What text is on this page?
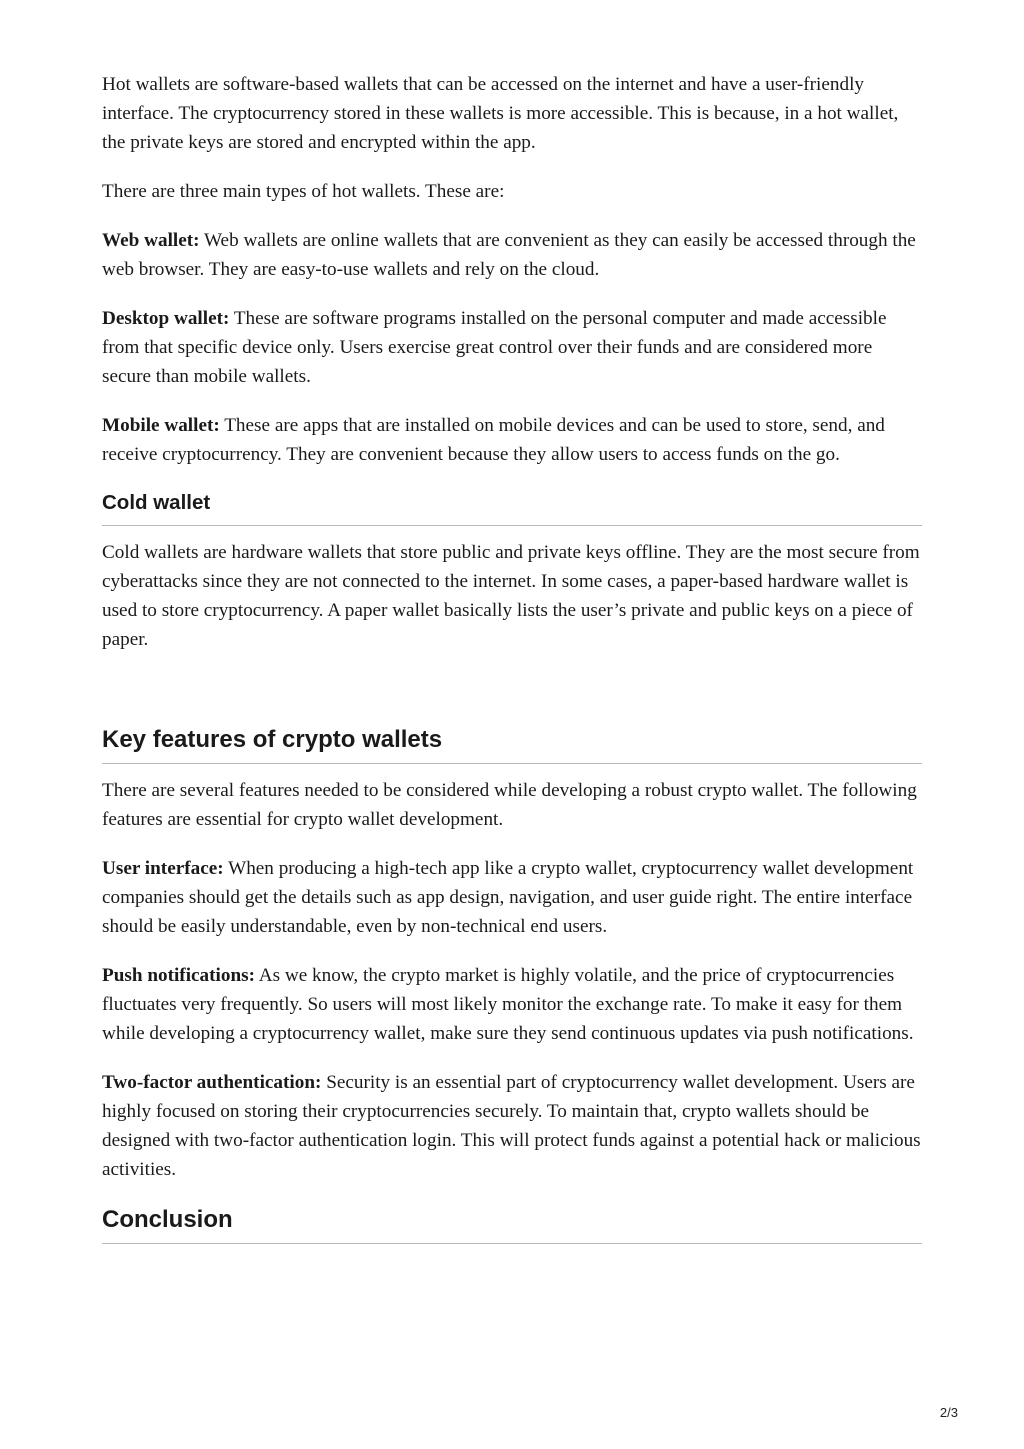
Hot wallets are software-based wallets that can be accessed on the internet and have a user-friendly interface. The cryptocurrency stored in these wallets is more accessible. This is because, in a hot wallet, the private keys are stored and encrypted within the app.

There are three main types of hot wallets. These are:

Web wallet: Web wallets are online wallets that are convenient as they can easily be accessed through the web browser. They are easy-to-use wallets and rely on the cloud.

Desktop wallet: These are software programs installed on the personal computer and made accessible from that specific device only. Users exercise great control over their funds and are considered more secure than mobile wallets.

Mobile wallet: These are apps that are installed on mobile devices and can be used to store, send, and receive cryptocurrency. They are convenient because they allow users to access funds on the go.

Cold wallet

Cold wallets are hardware wallets that store public and private keys offline. They are the most secure from cyberattacks since they are not connected to the internet. In some cases, a paper-based hardware wallet is used to store cryptocurrency. A paper wallet basically lists the user’s private and public keys on a piece of paper.

Key features of crypto wallets

There are several features needed to be considered while developing a robust crypto wallet. The following features are essential for crypto wallet development.

User interface: When producing a high-tech app like a crypto wallet, cryptocurrency wallet development companies should get the details such as app design, navigation, and user guide right. The entire interface should be easily understandable, even by non-technical end users.

Push notifications: As we know, the crypto market is highly volatile, and the price of cryptocurrencies fluctuates very frequently. So users will most likely monitor the exchange rate. To make it easy for them while developing a cryptocurrency wallet, make sure they send continuous updates via push notifications.

Two-factor authentication: Security is an essential part of cryptocurrency wallet development. Users are highly focused on storing their cryptocurrencies securely. To maintain that, crypto wallets should be designed with two-factor authentication login. This will protect funds against a potential hack or malicious activities.

Conclusion
2/3
